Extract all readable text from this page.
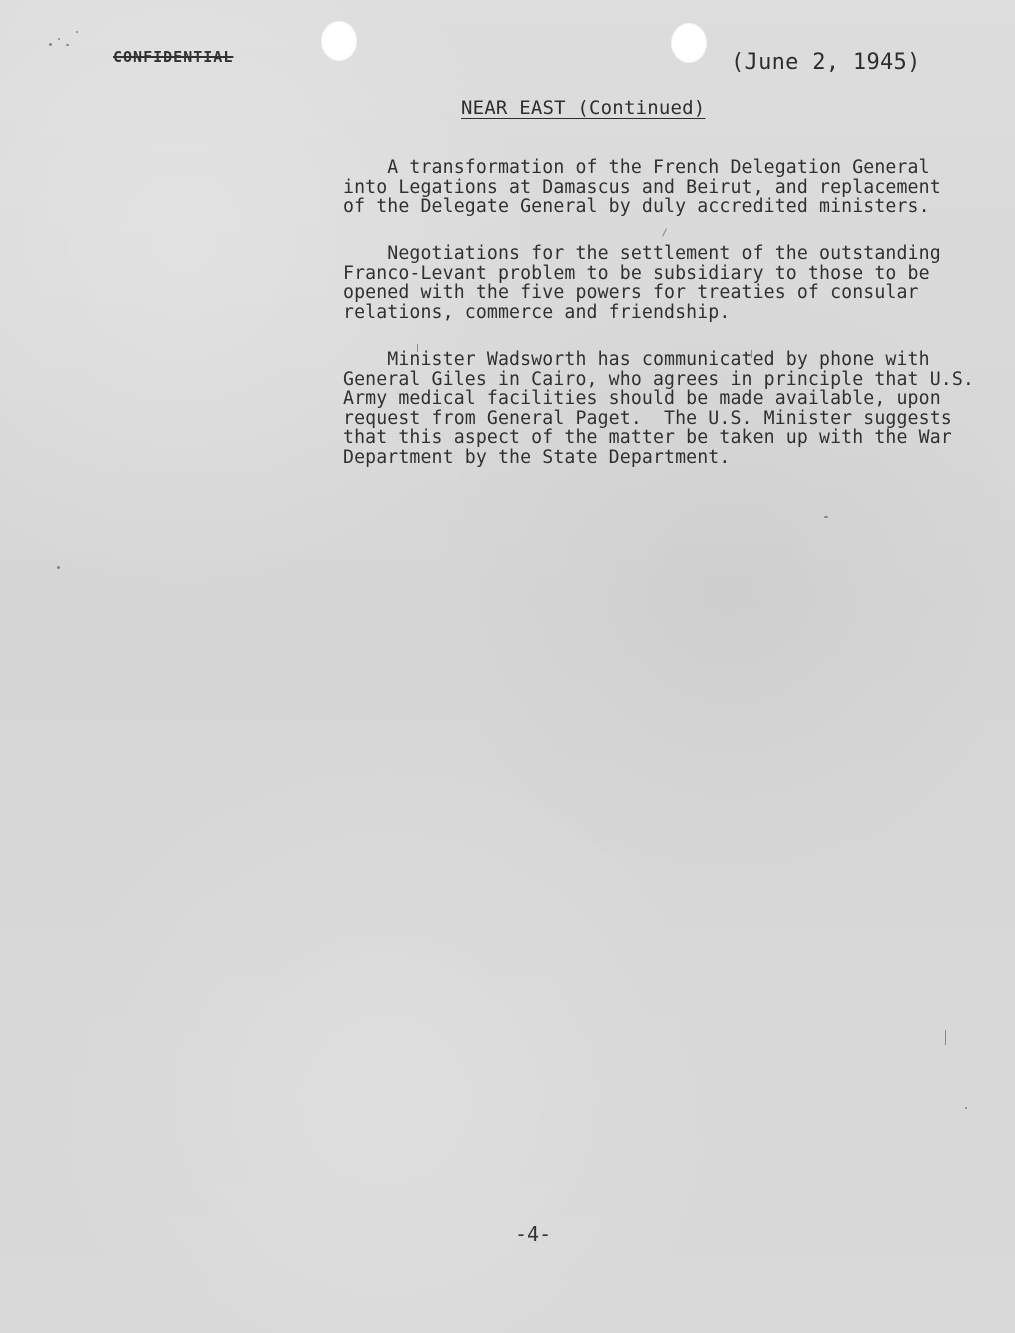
CONFIDENTIAL	(June 2, 1945)
NEAR EAST (Continued)
A transformation of the French Delegation General
into Legations at Damascus and Beirut, and replacement
of the Delegate General by duly accredited ministers.
Negotiations for the settlement of the outstanding
Franco-Levant problem to be subsidiary to those to be
opened with the five powers for treaties of consular
relations, commerce and friendship.
Minister Wadsworth has communicated by phone with
General Giles in Cairo, who agrees in principle that U.S.
Army medical facilities should be made available, upon
request from General Paget.  The U.S. Minister suggests
that this aspect of the matter be taken up with the War
Department by the State Department.
-4-
